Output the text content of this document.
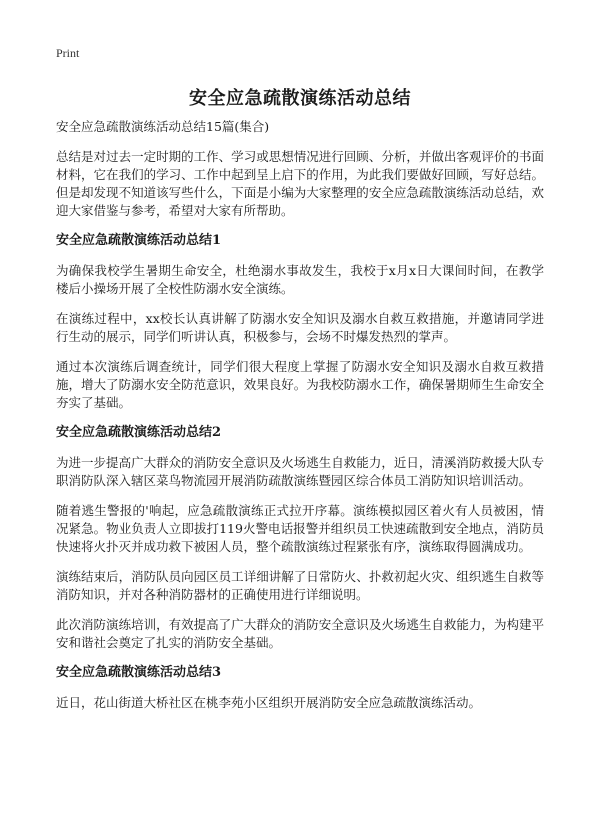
Print
安全应急疏散演练活动总结
安全应急疏散演练活动总结15篇(集合)

总结是对过去一定时期的工作、学习或思想情况进行回顾、分析，并做出客观评价的书面材料，它在我们的学习、工作中起到呈上启下的作用，为此我们要做好回顾，写好总结。但是却发现不知道该写些什么，下面是小编为大家整理的安全应急疏散演练活动总结，欢迎大家借鉴与参考，希望对大家有所帮助。

安全应急疏散演练活动总结1

为确保我校学生暑期生命安全，杜绝溺水事故发生，我校于x月x日大课间时间，在教学楼后小操场开展了全校性防溺水安全演练。

在演练过程中，xx校长认真讲解了防溺水安全知识及溺水自救互救措施，并邀请同学进行生动的展示，同学们听讲认真，积极参与，会场不时爆发热烈的掌声。

通过本次演练后调查统计，同学们很大程度上掌握了防溺水安全知识及溺水自救互救措施，增大了防溺水安全防范意识，效果良好。为我校防溺水工作，确保暑期师生生命安全夯实了基础。

安全应急疏散演练活动总结2

为进一步提高广大群众的消防安全意识及火场逃生自救能力，近日，清溪消防救援大队专职消防队深入辖区菜鸟物流园开展消防疏散演练暨园区综合体员工消防知识培训活动。

随着逃生警报的'响起，应急疏散演练正式拉开序幕。演练模拟园区着火有人员被困，情况紧急。物业负责人立即拔打119火警电话报警并组织员工快速疏散到安全地点，消防员快速将火扑灭并成功救下被困人员，整个疏散演练过程紧张有序，演练取得圆满成功。

演练结束后，消防队员向园区员工详细讲解了日常防火、扑救初起火灾、组织逃生自救等消防知识，并对各种消防器材的正确使用进行详细说明。

此次消防演练培训，有效提高了广大群众的消防安全意识及火场逃生自救能力，为构建平安和谐社会奠定了扎实的消防安全基础。

安全应急疏散演练活动总结3

近日，花山街道大桥社区在桃李苑小区组织开展消防安全应急疏散演练活动。
